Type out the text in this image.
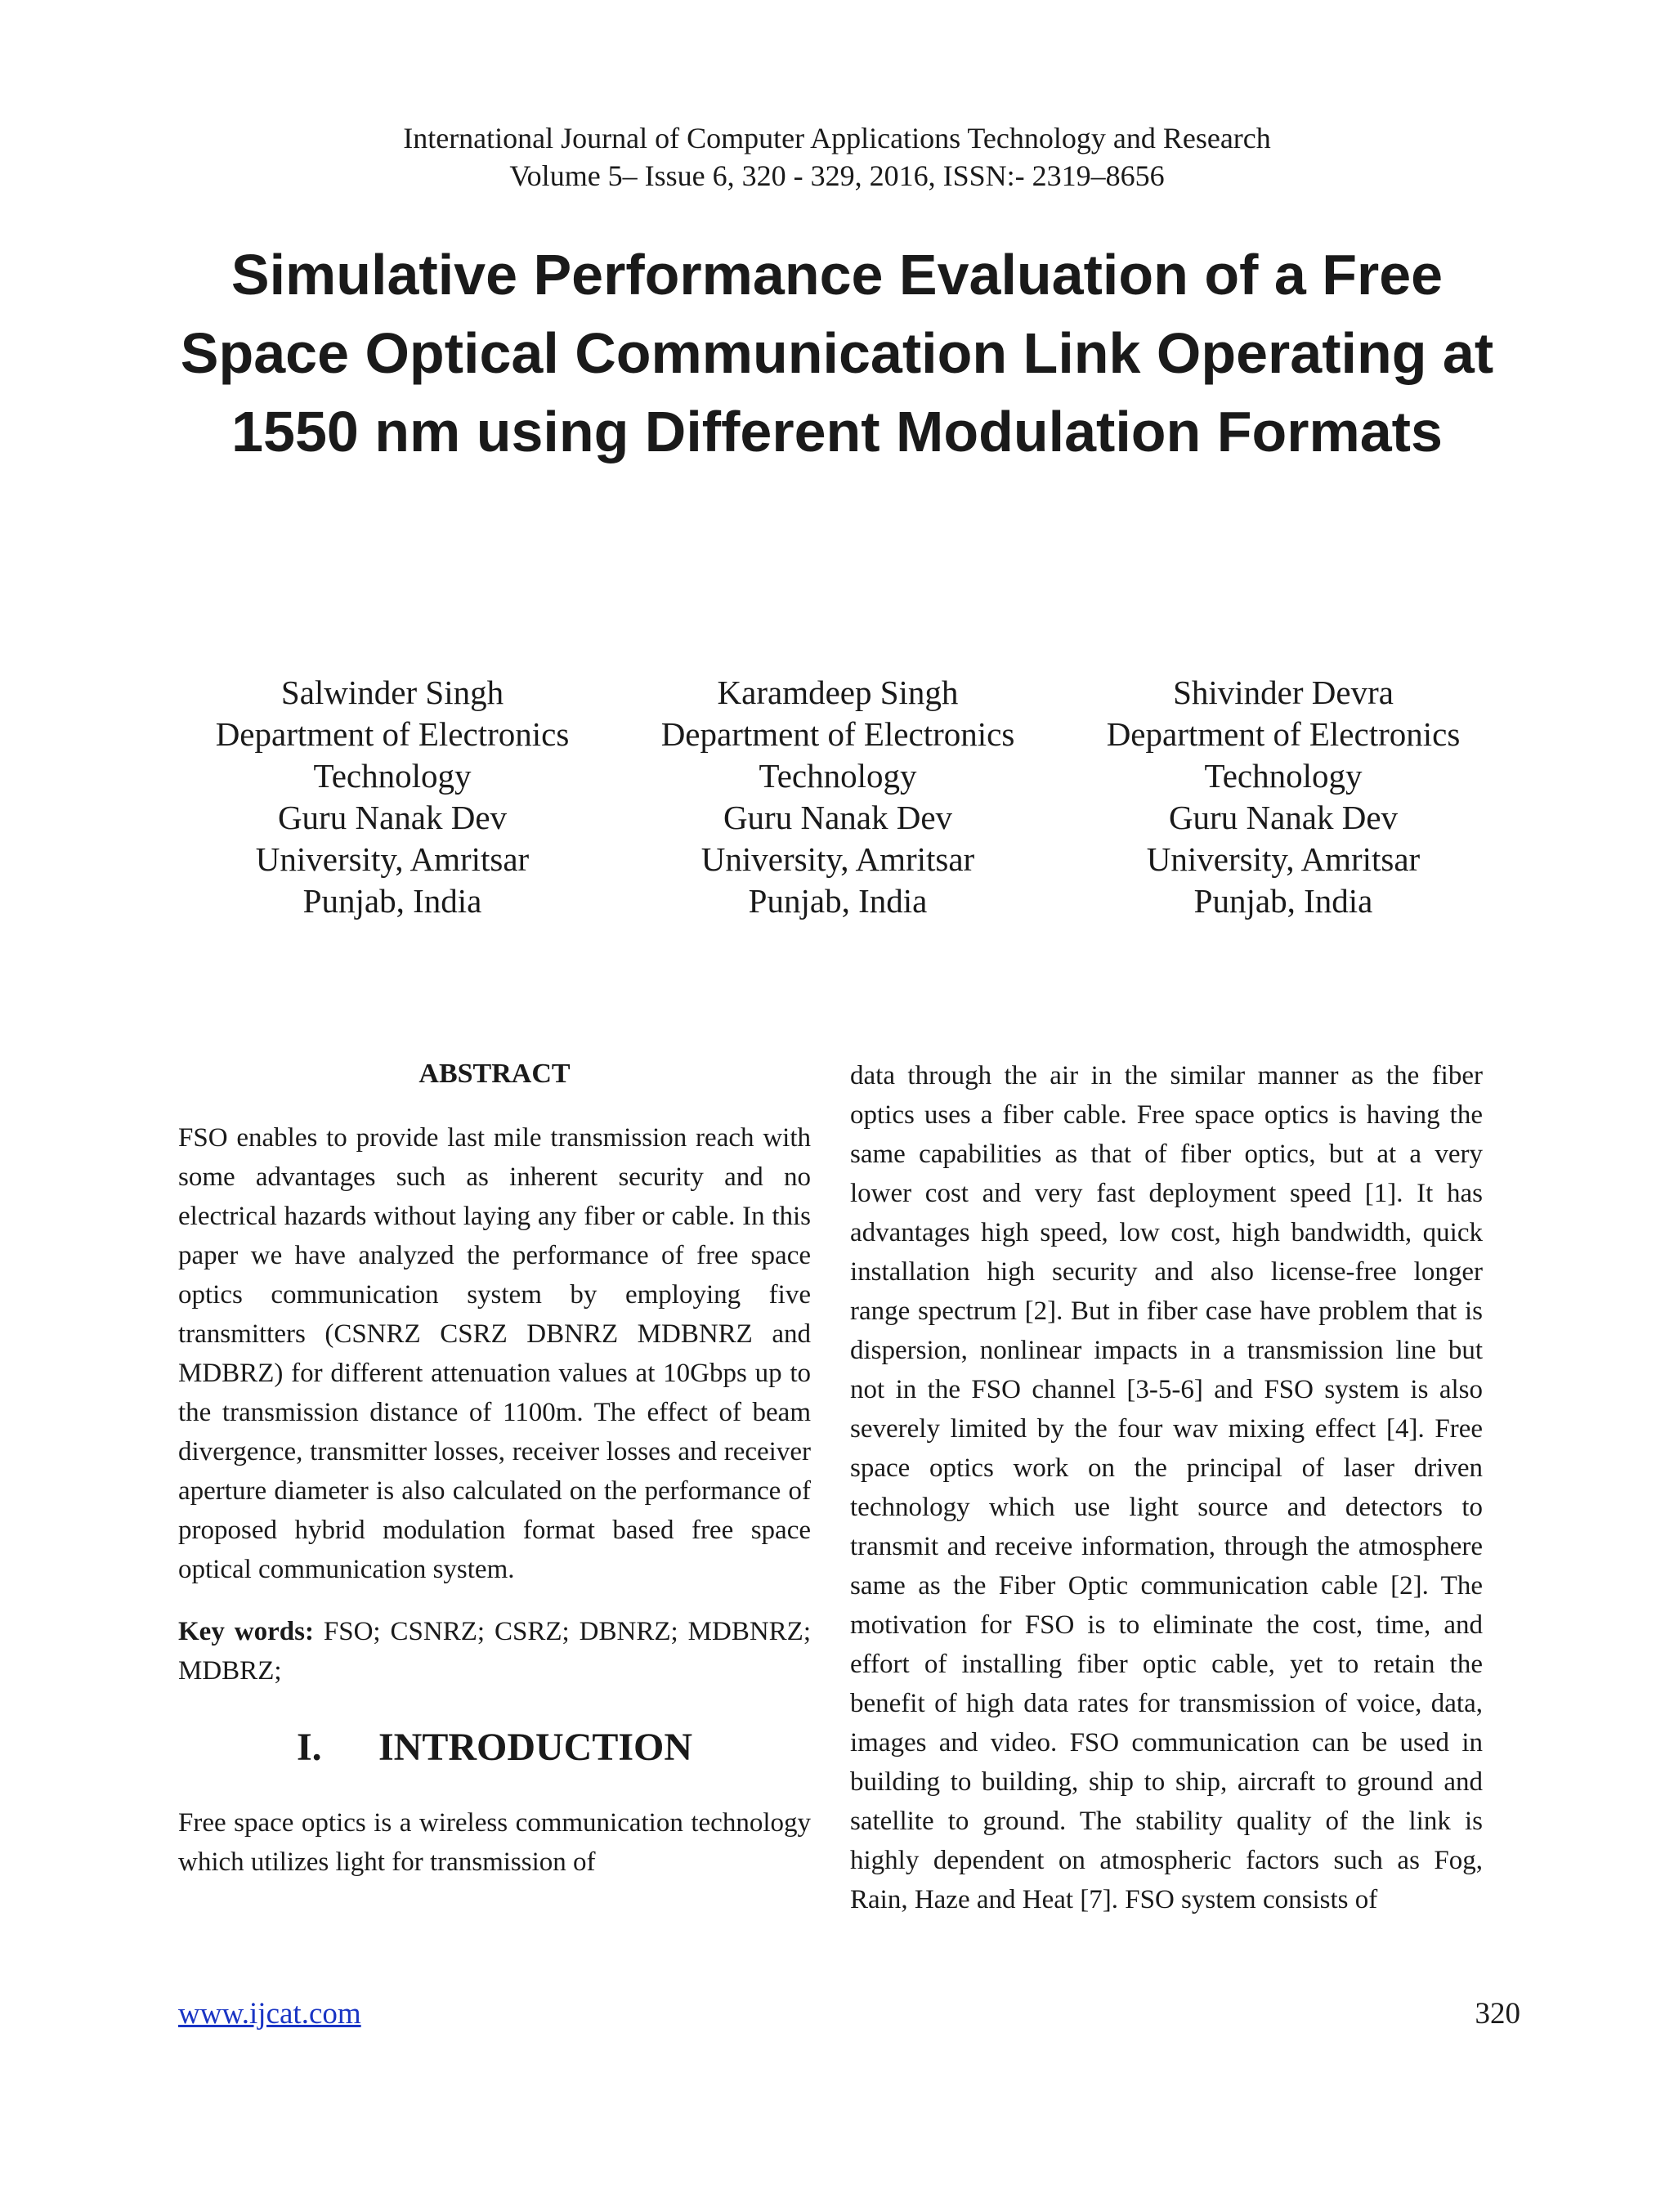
International Journal of Computer Applications Technology and Research
Volume 5– Issue 6, 320 - 329, 2016, ISSN:- 2319–8656
Simulative Performance Evaluation of a Free Space Optical Communication Link Operating at 1550 nm using Different Modulation Formats
Salwinder Singh
Department of Electronics
Technology
Guru Nanak Dev
University, Amritsar
Punjab, India
Karamdeep Singh
Department of Electronics
Technology
Guru Nanak Dev
University, Amritsar
Punjab, India
Shivinder Devra
Department of Electronics
Technology
Guru Nanak Dev
University, Amritsar
Punjab, India
ABSTRACT

FSO enables to provide last mile transmission reach with some advantages such as inherent security and no electrical hazards without laying any fiber or cable. In this paper we have analyzed the performance of free space optics communication system by employing five transmitters (CSNRZ CSRZ DBNRZ MDBNRZ and MDBRZ) for different attenuation values at 10Gbps up to the transmission distance of 1100m. The effect of beam divergence, transmitter losses, receiver losses and receiver aperture diameter is also calculated on the performance of proposed hybrid modulation format based free space optical communication system.

Key words: FSO; CSNRZ; CSRZ; DBNRZ; MDBNRZ; MDBRZ;

I. INTRODUCTION

Free space optics is a wireless communication technology which utilizes light for transmission of

data through the air in the similar manner as the fiber optics uses a fiber cable. Free space optics is having the same capabilities as that of fiber optics, but at a very lower cost and very fast deployment speed [1]. It has advantages high speed, low cost, high bandwidth, quick installation high security and also license-free longer range spectrum [2]. But in fiber case have problem that is dispersion, nonlinear impacts in a transmission line but not in the FSO channel [3-5-6] and FSO system is also severely limited by the four wav mixing effect [4]. Free space optics work on the principal of laser driven technology which use light source and detectors to transmit and receive information, through the atmosphere same as the Fiber Optic communication cable [2]. The motivation for FSO is to eliminate the cost, time, and effort of installing fiber optic cable, yet to retain the benefit of high data rates for transmission of voice, data, images and video. FSO communication can be used in building to building, ship to ship, aircraft to ground and satellite to ground. The stability quality of the link is highly dependent on atmospheric factors such as Fog, Rain, Haze and Heat [7]. FSO system consists of

www.ijcat.com	320
